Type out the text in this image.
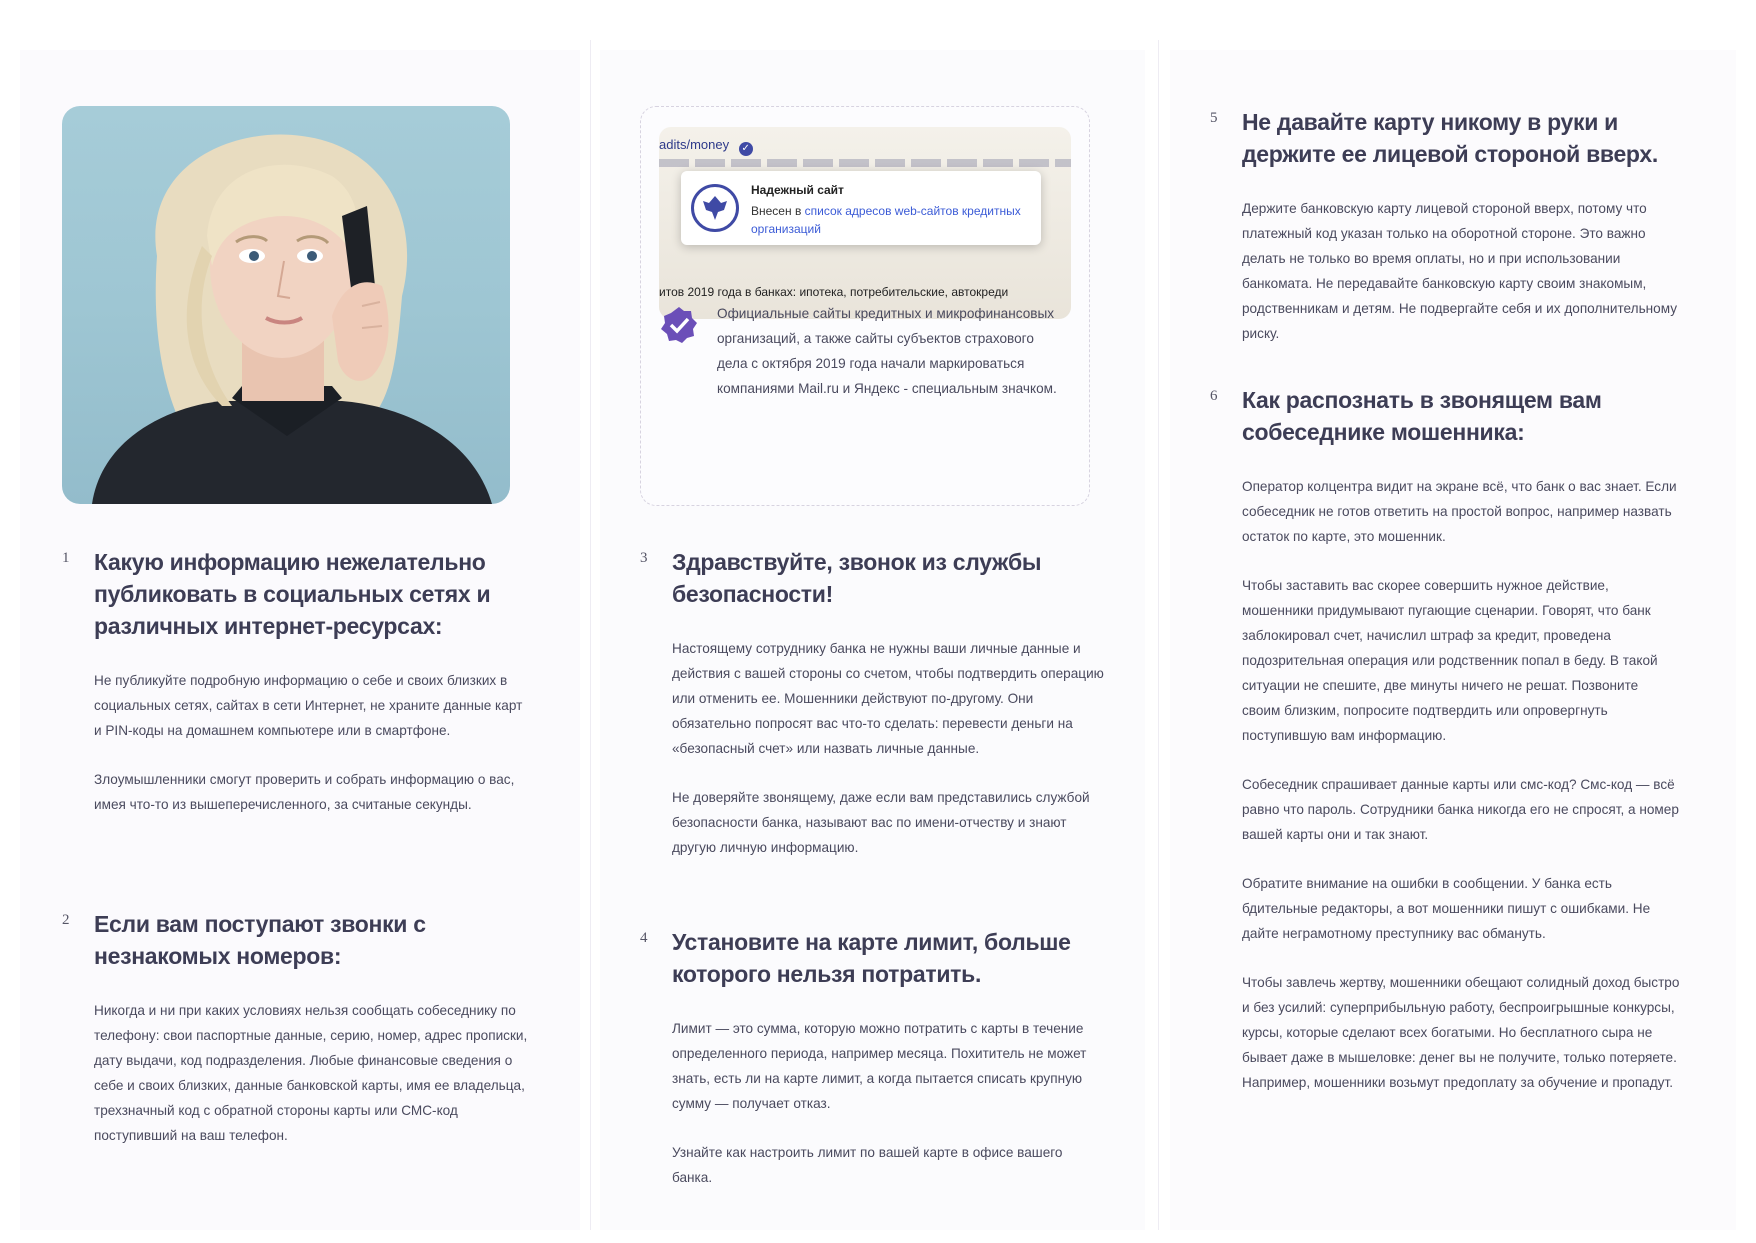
adits/money ✓
Надежный сайт
Внесен в список адресов web-сайтов кредитных организаций
итов 2019 года в банках: ипотека, потребительские, автокреди
Официальные сайты кредитных и микрофинансовых организаций, а также сайты субъектов страхового дела с октября 2019 года начали маркироваться компаниями Mail.ru и Яндекс - специальным значком.
1 Какую информацию нежелательно публиковать в социальных сетях и различных интернет-ресурсах:

Не публикуйте подробную информацию о себе и своих близких в социальных сетях, сайтах в сети Интернет, не храните данные карт и PIN-коды на домашнем компьютере или в смартфоне.

Злоумышленники смогут проверить и собрать информацию о вас, имея что-то из вышеперечисленного, за считаные секунды.

2 Если вам поступают звонки с незнакомых номеров:

Никогда и ни при каких условиях нельзя сообщать собеседнику по телефону: свои паспортные данные, серию, номер, адрес прописки, дату выдачи, код подразделения. Любые финансовые сведения о себе и своих близких, данные банковской карты, имя ее владельца, трехзначный код с обратной стороны карты или СМС-код поступивший на ваш телефон.

3 Здравствуйте, звонок из службы безопасности!

Настоящему сотруднику банка не нужны ваши личные данные и действия с вашей стороны со счетом, чтобы подтвердить операцию или отменить ее. Мошенники действуют по-другому. Они обязательно попросят вас что-то сделать: перевести деньги на «безопасный счет» или назвать личные данные.

Не доверяйте звонящему, даже если вам представились службой безопасности банка, называют вас по имени-отчеству и знают другую личную информацию.

4 Установите на карте лимит, больше которого нельзя потратить.

Лимит — это сумма, которую можно потратить с карты в течение определенного периода, например месяца. Похититель не может знать, есть ли на карте лимит, а когда пытается списать крупную сумму — получает отказ.

Узнайте как настроить лимит по вашей карте в офисе вашего банка.

5 Не давайте карту никому в руки и держите ее лицевой стороной вверх.

Держите банковскую карту лицевой стороной вверх, потому что платежный код указан только на оборотной стороне. Это важно делать не только во время оплаты, но и при использовании банкомата. Не передавайте банковскую карту своим знакомым, родственникам и детям. Не подвергайте себя и их дополнительному риску.

6 Как распознать в звонящем вам собеседнике мошенника:

Оператор колцентра видит на экране всё, что банк о вас знает. Если собеседник не готов ответить на простой вопрос, например назвать остаток по карте, это мошенник.

Чтобы заставить вас скорее совершить нужное действие, мошенники придумывают пугающие сценарии. Говорят, что банк заблокировал счет, начислил штраф за кредит, проведена подозрительная операция или родственник попал в беду. В такой ситуации не спешите, две минуты ничего не решат. Позвоните своим близким, попросите подтвердить или опровергнуть поступившую вам информацию.

Собеседник спрашивает данные карты или смс-код? Смс-код — всё равно что пароль. Сотрудники банка никогда его не спросят, а номер вашей карты они и так знают.

Обратите внимание на ошибки в сообщении. У банка есть бдительные редакторы, а вот мошенники пишут с ошибками. Не дайте неграмотному преступнику вас обмануть.

Чтобы завлечь жертву, мошенники обещают солидный доход быстро и без усилий: суперприбыльную работу, беспроигрышные конкурсы, курсы, которые сделают всех богатыми. Но бесплатного сыра не бывает даже в мышеловке: денег вы не получите, только потеряете. Например, мошенники возьмут предоплату за обучение и пропадут.
